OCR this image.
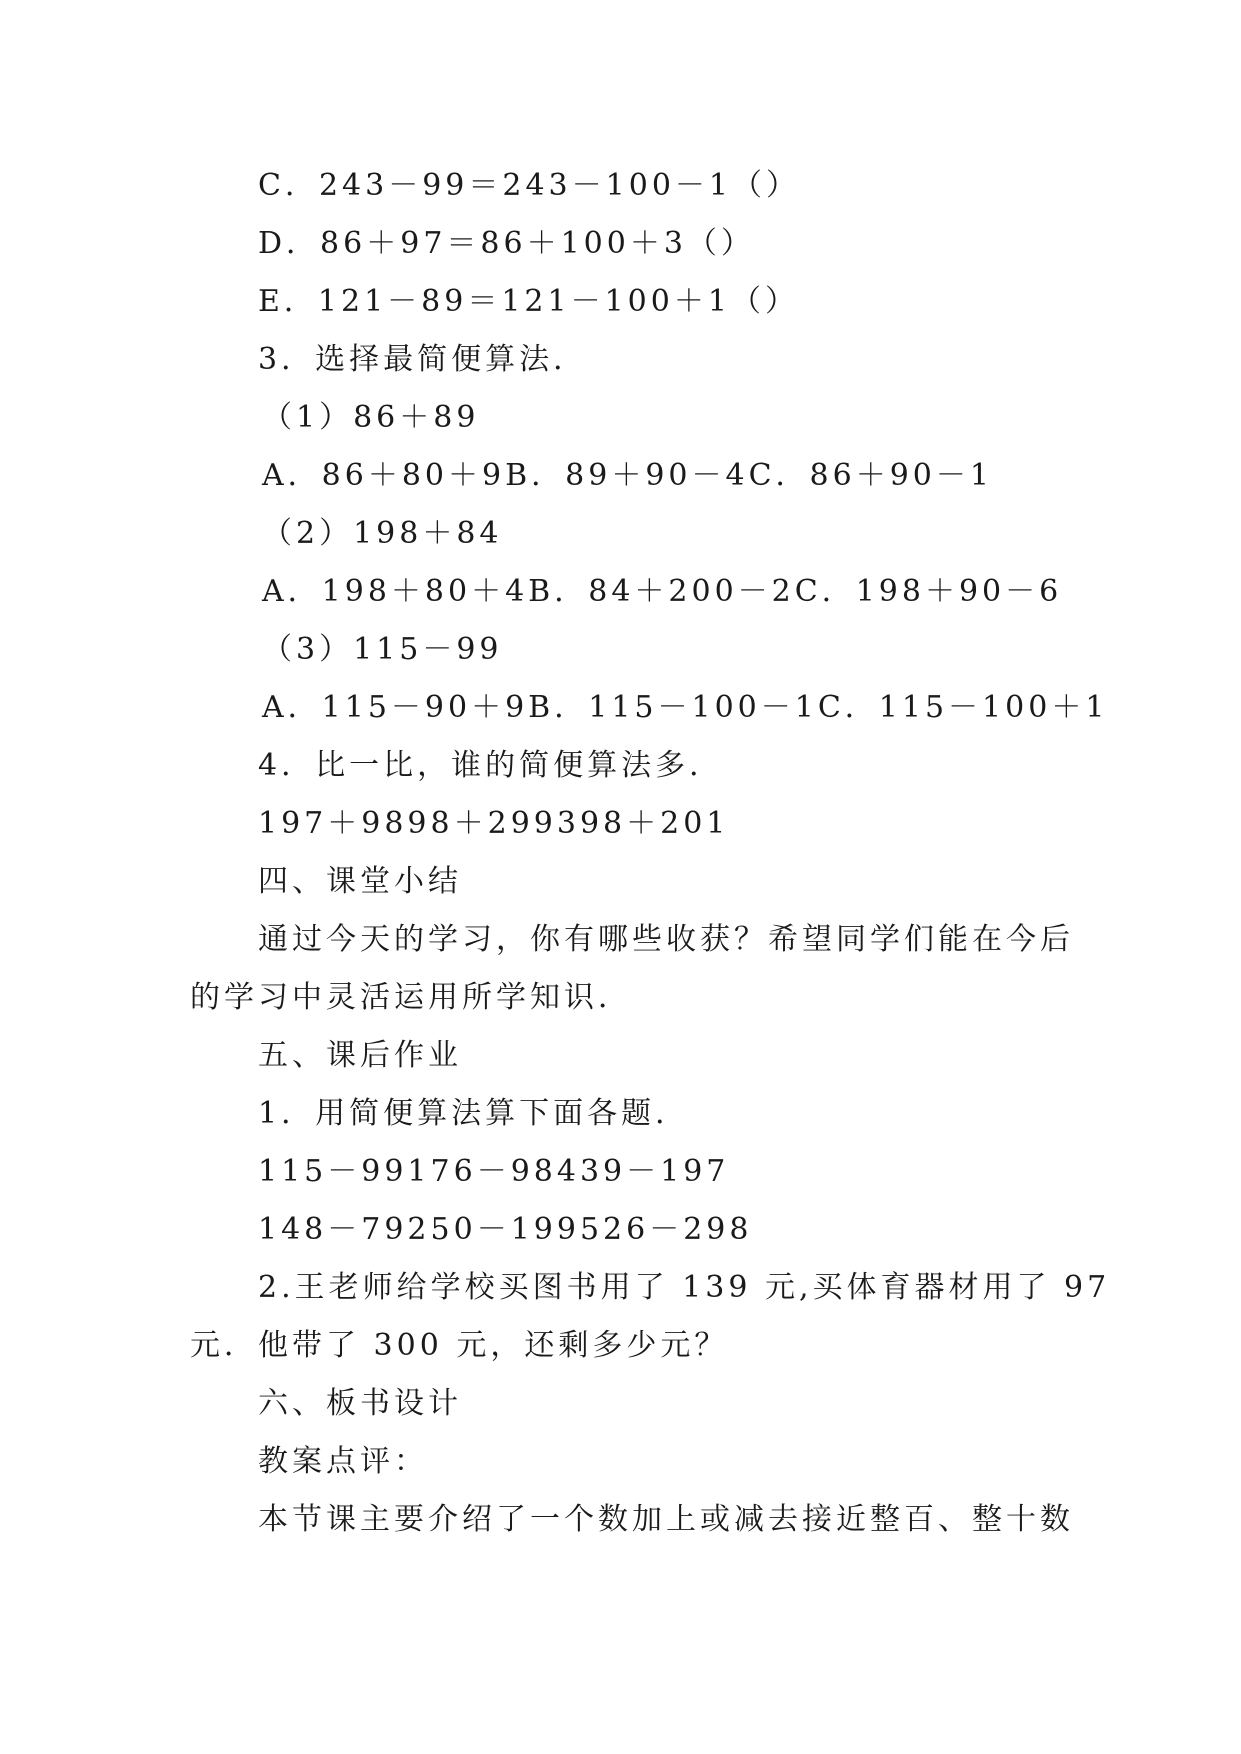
C．243－99＝243－100－1（）
D．86＋97＝86＋100＋3（）
E．121－89＝121－100＋1（）
3．选择最简便算法．
（1）86＋89
A．86＋80＋9B．89＋90－4C．86＋90－1
（2）198＋84
A．198＋80＋4B．84＋200－2C．198＋90－6
（3）115－99
A．115－90＋9B．115－100－1C．115－100＋1
4．比一比，谁的简便算法多．
197＋9898＋299398＋201
四、课堂小结
通过今天的学习，你有哪些收获？希望同学们能在今后
的学习中灵活运用所学知识．
五、课后作业
1．用简便算法算下面各题．
115－99176－98439－197
148－79250－199526－298
2.王老师给学校买图书用了 139 元,买体育器材用了 97
元．他带了 300 元，还剩多少元？
六、板书设计
教案点评：
本节课主要介绍了一个数加上或减去接近整百、整十数
